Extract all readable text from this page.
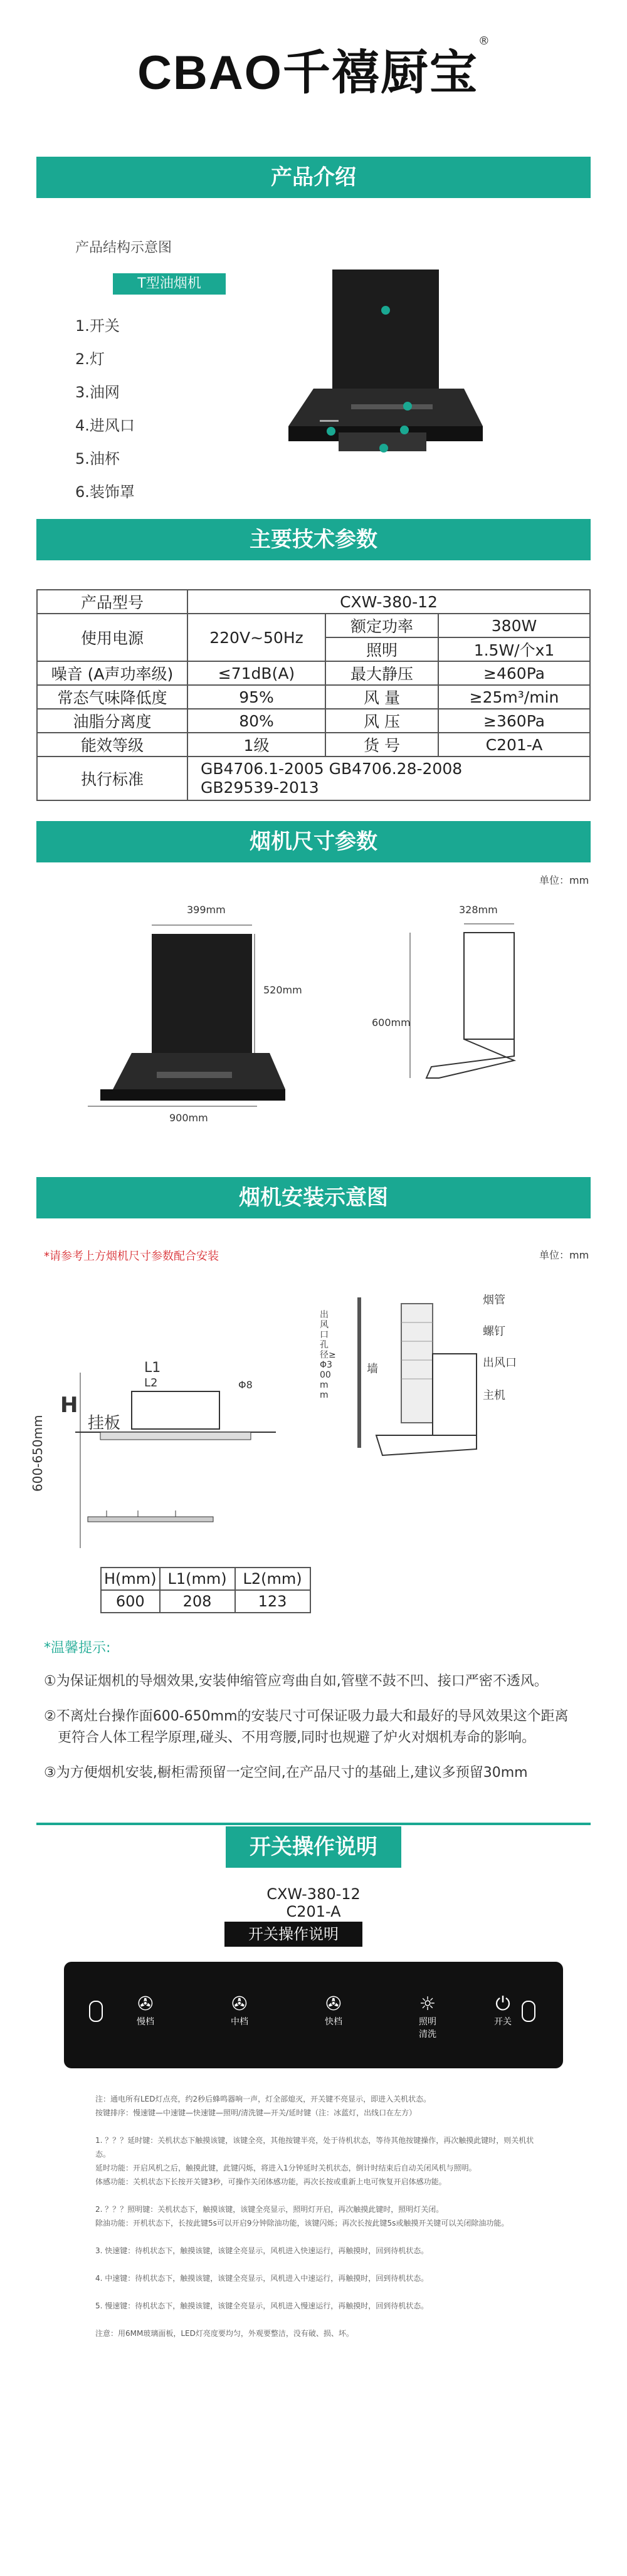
CBAO千禧厨宝®
产品介绍
产品结构示意图
T型油烟机
1.开关
2.灯
3.油网
4.进风口
5.油杯
6.装饰罩
主要技术参数
产品型号	CXW-380-12		
使用电源	220V~50Hz	额定功率	380W
		照明	1.5W/个x1
噪音 (A声功率级)	≤71dB(A)	最大静压	≥460Pa
常态气味降低度	95%	风 量	≥25m³/min
油脂分离度	80%	风 压	≥360Pa
能效等级	1级	货 号	C201-A
执行标准	GB4706.1-2005 GB4706.28-2008
GB29539-2013		
烟机尺寸参数
单位：mm
399mm
520mm
900mm
328mm
600mm
烟机安装示意图
*请参考上方烟机尺寸参数配合安装	单位：mm
L1
L2	Φ8
挂板
H
600-650mm
烟管
螺钉
出风口
主机
墙
出风口孔径≥Φ300mm
H(mm)	L1(mm)	L2(mm)
600	208	123
*温馨提示:
①为保证烟机的导烟效果,安装伸缩管应弯曲自如,管壁不鼓不凹、接口严密不透风。
②不离灶台操作面600-650mm的安装尺寸可保证吸力最大和最好的导风效果这个距离
更符合人体工程学原理,碰头、不用弯腰,同时也规避了炉火对烟机寿命的影响。
③为方便烟机安装,橱柜需预留一定空间,在产品尺寸的基础上,建议多预留30mm
开关操作说明
CXW-380-12
C201-A
开关操作说明
✇
慢档
✇
中档
✇
快档
☼
照明
清洗
⏻
开关
注：通电所有LED灯点亮，约2秒后蜂鸣器响一声，灯全部熄灭，开关键不亮显示，即进入关机状态。
按键排序：慢速键—中速键—快速键—照明/清洗键—开关/延时键（注：冰蓝灯，出线口在左方）
1. ？？？延时键：关机状态下触摸该键，该键全亮，其他按键半亮，处于待机状态，等待其他按键操作，再次触摸此键时，则关机状态。
延时功能：开启风机之后，触摸此键，此键闪烁，将进入1分钟延时关机状态，倒计时结束后自动关闭风机与照明。
体感功能：关机状态下长按开关键3秒，可操作关闭体感功能，再次长按或重新上电可恢复开启体感功能。
2. ？？？照明键：关机状态下，触摸该键，该键全亮显示，照明灯开启，再次触摸此键时，照明灯关闭。
除油功能：开机状态下，长按此键5s可以开启9分钟除油功能，该键闪烁；再次长按此键5s或触摸开关键可以关闭除油功能。
3. 快速键：待机状态下，触摸该键，该键全亮显示，风机进入快速运行，再触摸时，回到待机状态。
4. 中速键：待机状态下，触摸该键，该键全亮显示，风机进入中速运行，再触摸时，回到待机状态。
5. 慢速键：待机状态下，触摸该键，该键全亮显示，风机进入慢速运行，再触摸时，回到待机状态。
注意：用6MM玻璃面板，LED灯亮度要均匀，外观要整洁，没有破、损、坏。
